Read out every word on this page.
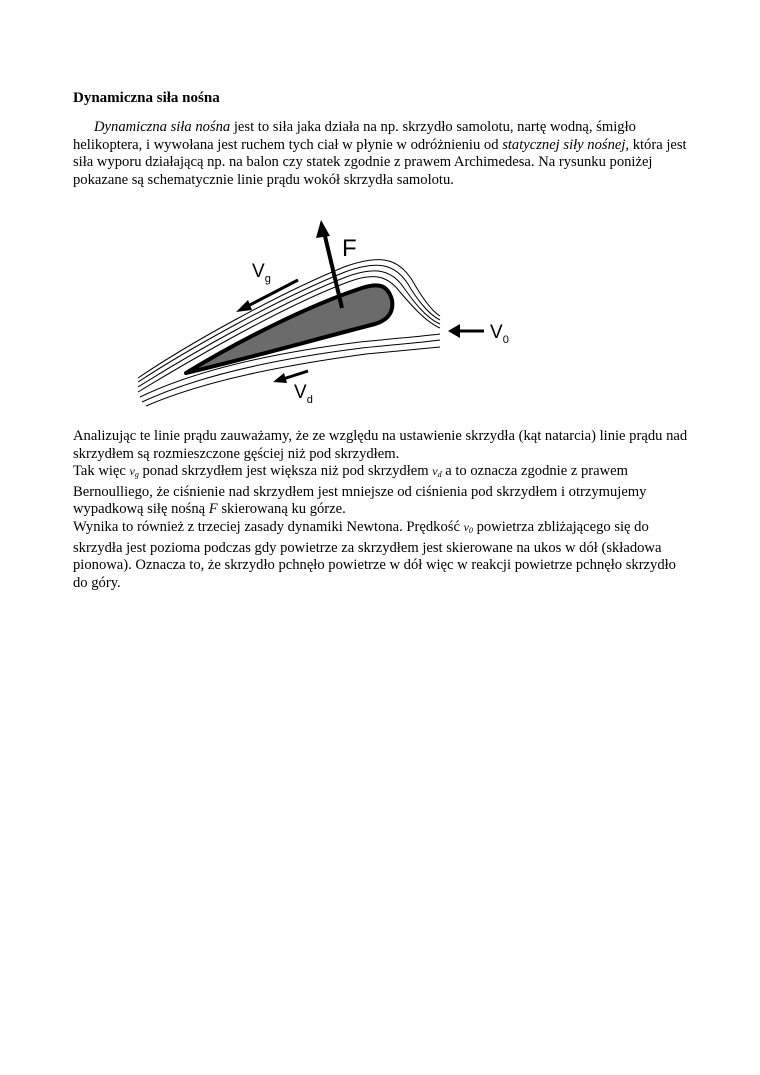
Dynamiczna siła nośna

Dynamiczna siła nośna jest to siła jaka działa na np. skrzydło samolotu, nartę wodną, śmigło helikoptera, i wywołana jest ruchem tych ciał w płynie w odróżnieniu od statycznej siły nośnej, która jest siła wyporu działającą np. na balon czy statek zgodnie z prawem Archimedesa. Na rysunku poniżej pokazane są schematycznie linie prądu wokół skrzydła samolotu.

F
$V_g$
$V_d$
$V_0$

Analizując te linie prądu zauważamy, że ze względu na ustawienie skrzydła (kąt natarcia) linie prądu nad skrzydłem są rozmieszczone gęściej niż pod skrzydłem.
Tak więc $v_g$ ponad skrzydłem jest większa niż pod skrzydłem $v_d$ a to oznacza zgodnie z prawem Bernoulliego, że ciśnienie nad skrzydłem jest mniejsze od ciśnienia pod skrzydłem i otrzymujemy wypadkową siłę nośną F skierowaną ku górze.
Wynika to również z trzeciej zasady dynamiki Newtona. Prędkość $v_0$ powietrza zbliżającego się do skrzydła jest pozioma podczas gdy powietrze za skrzydłem jest skierowane na ukos w dół (składowa pionowa). Oznacza to, że skrzydło pchnęło powietrze w dół więc w reakcji powietrze pchnęło skrzydło do góry.
